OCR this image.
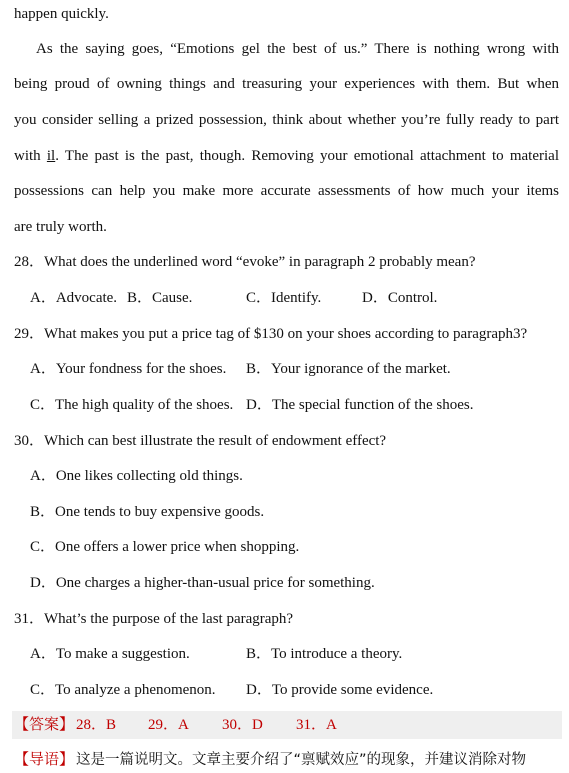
happen quickly.
As the saying goes, “Emotions gel the best of us.” There is nothing wrong with
being proud of owning things and treasuring your experiences with them. But when
you consider selling a prized possession, think about whether you’re fully ready to part
with il. The past is the past, though. Removing your emotional attachment to material
possessions can help you make more accurate assessments of how much your items
are truly worth.
28．What does the underlined word “evoke” in paragraph 2 probably mean?
A．Advocate. B．Cause.	C．Identify.	D．Control.
29．What makes you put a price tag of $130 on your shoes according to paragraph3?
A．Your fondness for the shoes. B．Your ignorance of the market.
C．The high quality of the shoes. D．The special function of the shoes.
30．Which can best illustrate the result of endowment effect?
A．One likes collecting old things.
B．One tends to buy expensive goods.
C．One offers a lower price when shopping.
D．One charges a higher-than-usual price for something.
31．What’s the purpose of the last paragraph?
A．To make a suggestion.	B．To introduce a theory.
C．To analyze a phenomenon. D．To provide some evidence.
【答案】 28．B 29．A 30．D 31．A
【导语】 这是一篇说明文。文章主要介绍了“禀赋效应”的现象，并建议消除对物
